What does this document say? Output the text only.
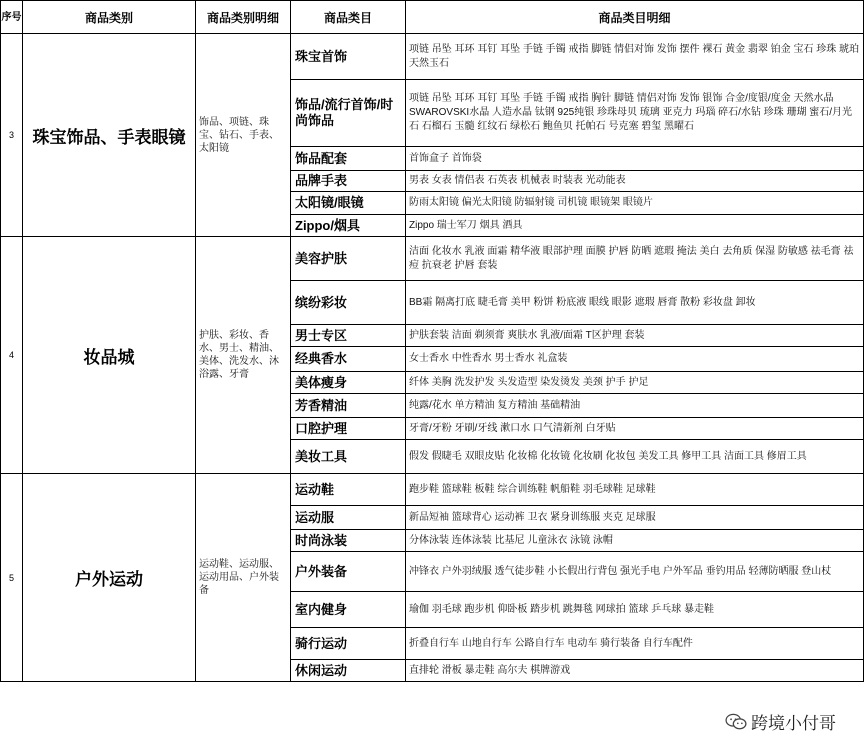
序号	商品类别	商品类别明细	商品类目	商品类目明细
3	珠宝饰品、手表眼镜	饰品、项链、珠宝、钻石、手表、太阳镜	珠宝首饰	项链 吊坠 耳环 耳钉 耳坠 手链 手镯 戒指 脚链 情侣对饰 发饰 摆件 裸石 黄金 翡翠 铂金 宝石 珍珠 琥珀 天然玉石
			饰品/流行首饰/时尚饰品	项链 吊坠 耳环 耳钉 耳坠 手链 手镯 戒指 胸针 脚链 情侣对饰 发饰 银饰 合金/度银/度金 天然水晶 SWAROVSKI水晶 人造水晶 钛钢 925纯银 珍珠母贝 琉璃 亚克力 玛瑙 碎石/水钻 珍珠 珊瑚 蜜石/月光石 石榴石 玉髓 红纹石 绿松石 鲍鱼贝 托帕石 号克塞 碧玺 黑曜石
			饰品配套	首饰盒子 首饰袋
			品牌手表	男表 女表 情侣表 石英表 机械表 时装表 光动能表
			太阳镜/眼镜	防雨太阳镜 偏光太阳镜 防辐射镜 司机镜 眼镜架 眼镜片
			Zippo/烟具	Zippo 瑞士军刀 烟具 酒具
4	妆品城	护肤、彩妆、香水、男士、精油、美体、洗发水、沐浴露、牙膏	美容护肤	洁面 化妆水 乳液 面霜 精华液 眼部护理 面膜 护唇 防晒 遮瑕 掩法 美白 去角质 保湿 防敏感 祛毛膏 祛痘 抗衰老 护唇 套装
			缤纷彩妆	BB霜 隔离打底 睫毛膏 美甲 粉饼 粉底液 眼线 眼影 遮瑕 唇膏 散粉 彩妆盘 卸妆
			男士专区	护肤套装 洁面 剃须膏 爽肤水 乳液/面霜 T区护理 套装
			经典香水	女士香水 中性香水 男士香水 礼盒装
			美体瘦身	纤体 美胸 洗发护发 头发造型 染发烫发 美颈 护手 护足
			芳香精油	纯露/花水 单方精油 复方精油 基础精油
			口腔护理	牙膏/牙粉 牙刷/牙线 漱口水 口气清新剂 白牙贴
			美妆工具	假发 假睫毛 双眼皮贴 化妆棉 化妆镜 化妆刷 化妆包 美发工具 修甲工具 洁面工具 修眉工具
5	户外运动	运动鞋、运动服、运动用品、户外装备	运动鞋	跑步鞋 篮球鞋 板鞋 综合训练鞋 帆船鞋 羽毛球鞋 足球鞋
			运动服	新品短袖 篮球背心 运动裤 卫衣 紧身训练服 夹克 足球服
			时尚泳装	分体泳装 连体泳装 比基尼 儿童泳衣 泳镜 泳帽
			户外装备	冲锋衣 户外羽绒服 透气徒步鞋 小长假出行背包 强光手电 户外军品 垂钓用品 轻薄防晒服 登山杖
			室内健身	瑜伽 羽毛球 跑步机 仰卧板 踏步机 跳舞毯 网球拍 篮球 乒乓球 暴走鞋
			骑行运动	折叠自行车 山地自行车 公路自行车 电动车 骑行装备 自行车配件
			休闲运动	直排轮 滑板 暴走鞋 高尔夫 棋牌游戏
跨境小付哥
